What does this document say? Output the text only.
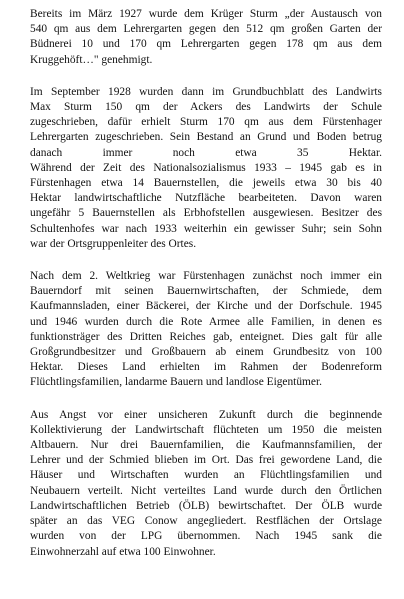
Bereits im März 1927 wurde dem Krüger Sturm „der Austausch von
540 qm aus dem Lehrergarten gegen den 512 qm großen Garten der
Büdnerei 10 und 170 qm Lehrergarten gegen 178 qm aus dem
Kruggehöft…" genehmigt.

Im September 1928 wurden dann im Grundbuchblatt des Landwirts
Max Sturm 150 qm der Ackers des Landwirts der Schule
zugeschrieben, dafür erhielt Sturm 170 qm aus dem Fürstenhager
Lehrergarten zugeschrieben. Sein Bestand an Grund und Boden betrug
danach immer noch etwa 35 Hektar.
Während der Zeit des Nationalsozialismus 1933 – 1945 gab es in
Fürstenhagen etwa 14 Bauernstellen, die jeweils etwa 30 bis 40
Hektar landwirtschaftliche Nutzfläche bearbeiteten. Davon waren
ungefähr 5 Bauernstellen als Erbhofstellen ausgewiesen. Besitzer des
Schultenhofes war nach 1933 weiterhin ein gewisser Suhr; sein Sohn
war der Ortsgruppenleiter des Ortes.

Nach dem 2. Weltkrieg war Fürstenhagen zunächst noch immer ein
Bauerndorf mit seinen Bauernwirtschaften, der Schmiede, dem
Kaufmannsladen, einer Bäckerei, der Kirche und der Dorfschule. 1945
und 1946 wurden durch die Rote Armee alle Familien, in denen es
funktionsträger des Dritten Reiches gab, enteignet. Dies galt für alle
Großgrundbesitzer und Großbauern ab einem Grundbesitz von 100
Hektar. Dieses Land erhielten im Rahmen der Bodenreform
Flüchtlingsfamilien, landarme Bauern und landlose Eigentümer.

Aus Angst vor einer unsicheren Zukunft durch die beginnende
Kollektivierung der Landwirtschaft flüchteten um 1950 die meisten
Altbauern. Nur drei Bauernfamilien, die Kaufmannsfamilien, der
Lehrer und der Schmied blieben im Ort. Das frei gewordene Land, die
Häuser und Wirtschaften wurden an Flüchtlingsfamilien und
Neubauern verteilt. Nicht verteiltes Land wurde durch den Örtlichen
Landwirtschaftlichen Betrieb (ÖLB) bewirtschaftet. Der ÖLB wurde
später an das VEG Conow angegliedert. Restflächen der Ortslage
wurden von der LPG übernommen. Nach 1945 sank die
Einwohnerzahl auf etwa 100 Einwohner.
